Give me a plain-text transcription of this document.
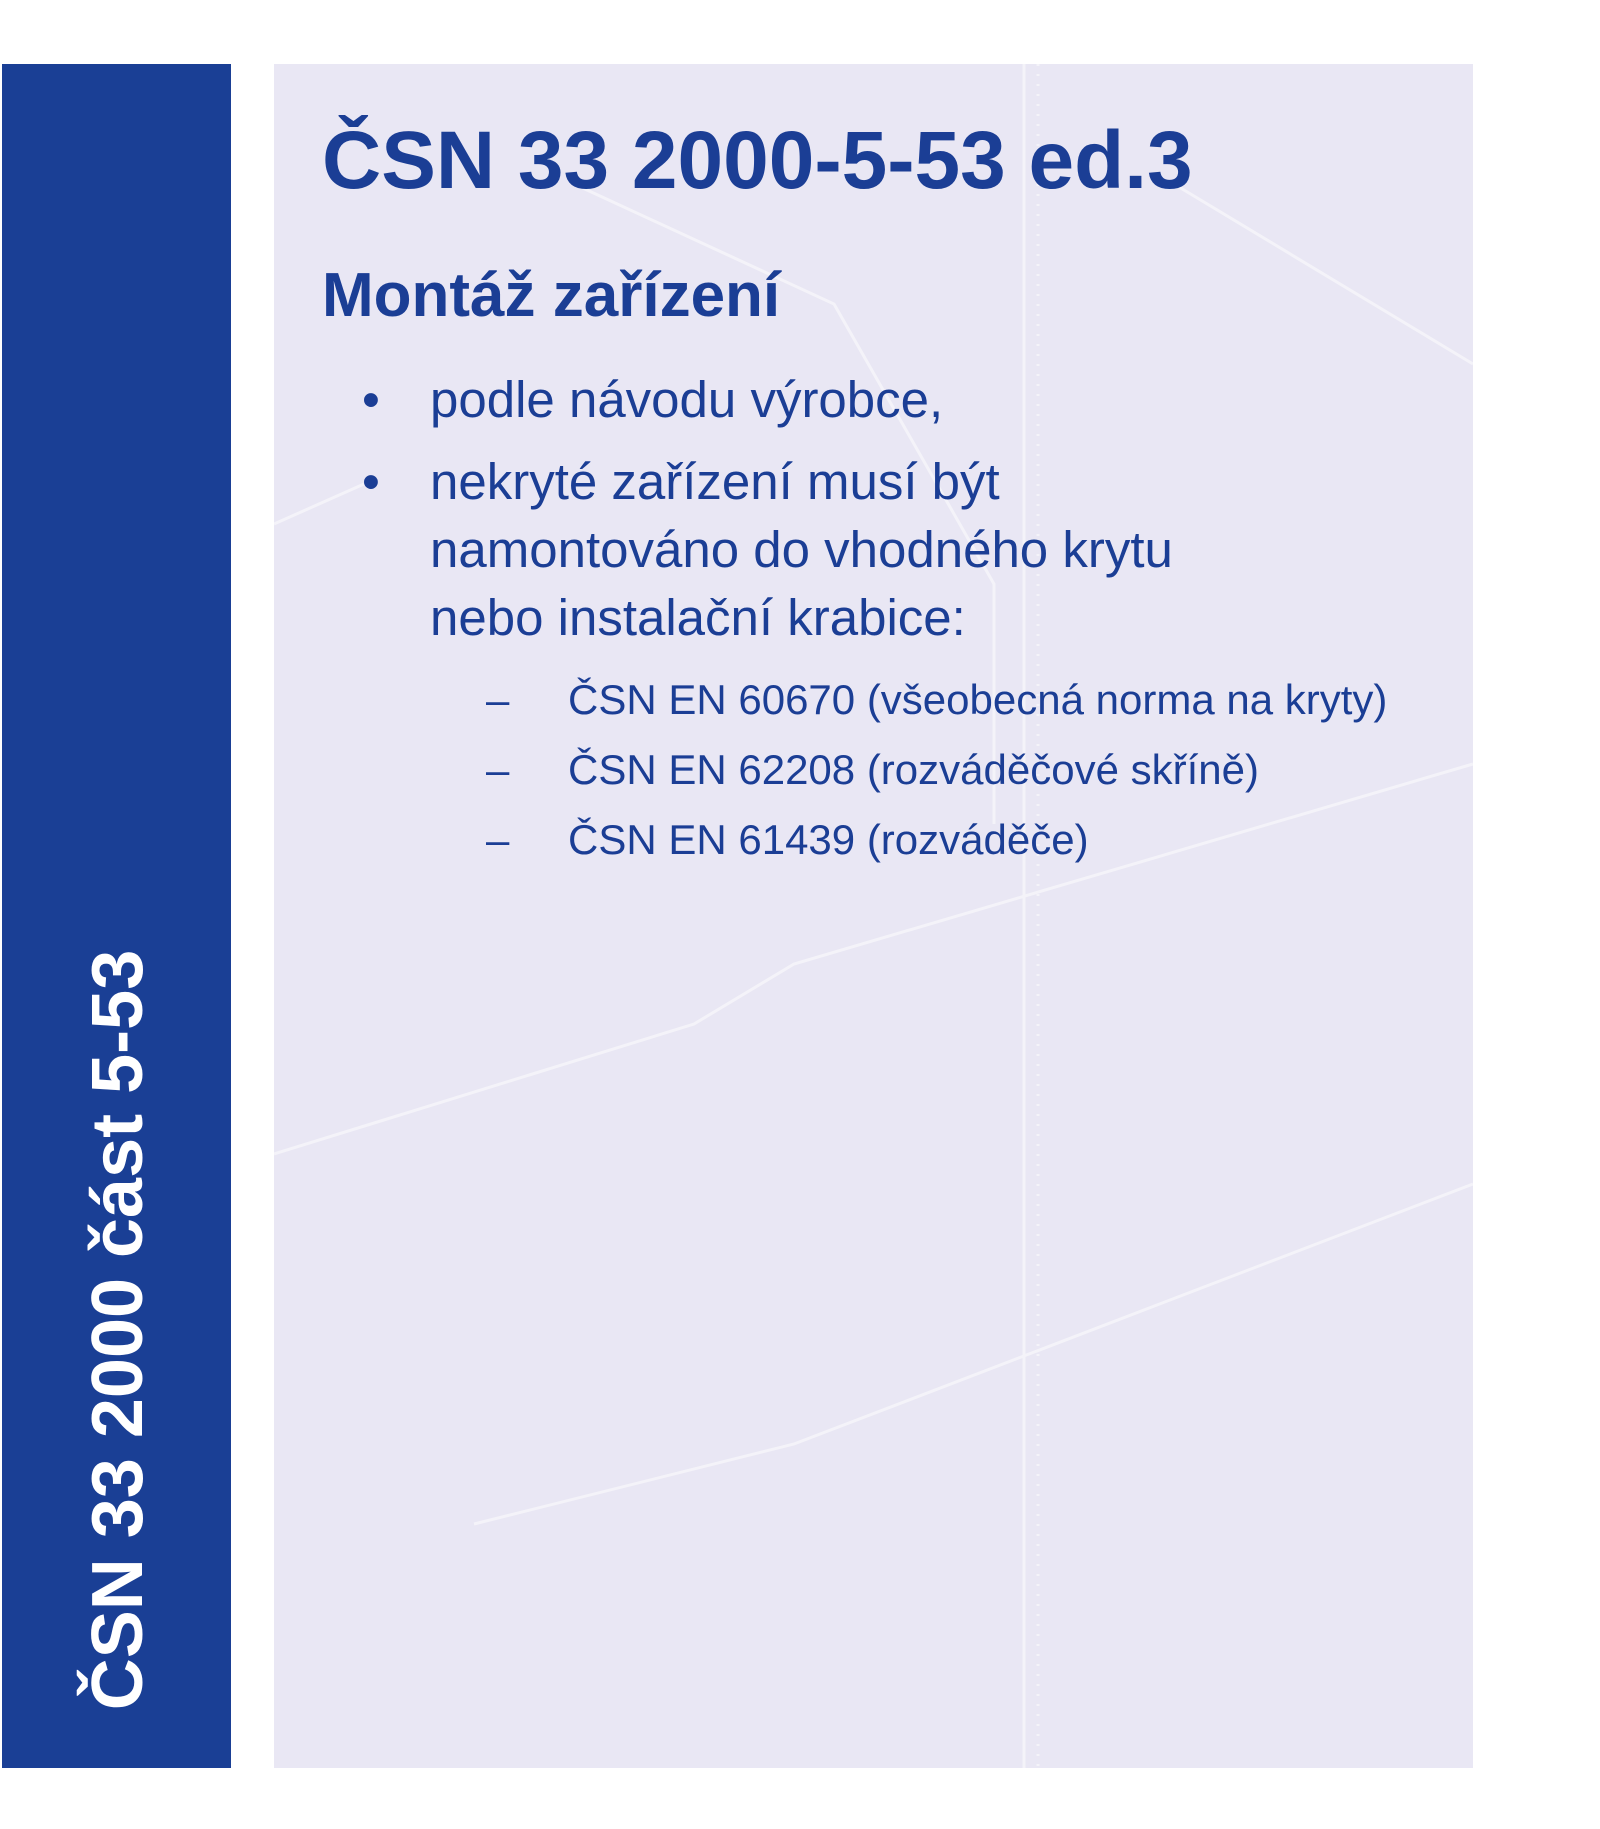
ČSN 33 2000 část 5-53
ČSN 33 2000-5-53 ed.3
Montáž zařízení
• podle návodu výrobce,
• nekryté zařízení musí být namontováno do vhodného krytu nebo instalační krabice:
– ČSN EN 60670 (všeobecná norma na kryty)
– ČSN EN 62208 (rozváděčové skříně)
– ČSN EN 61439 (rozváděče)
